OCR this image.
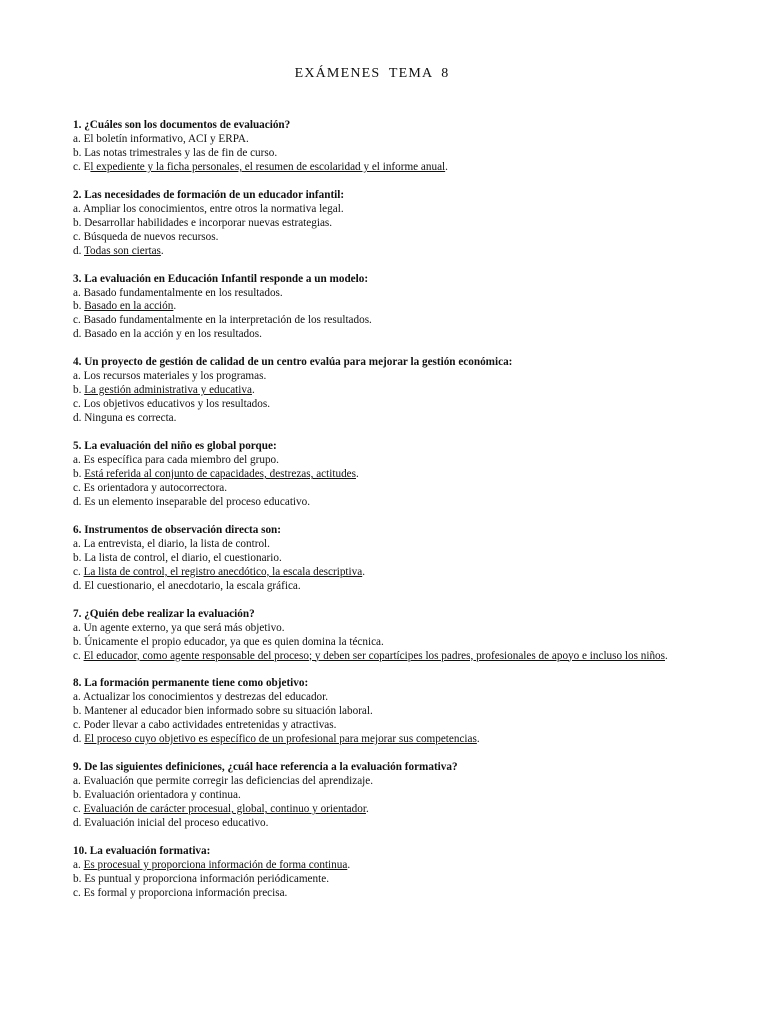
EXÁMENES TEMA 8
1. ¿Cuáles son los documentos de evaluación?
a. El boletín informativo, ACI y ERPA.
b. Las notas trimestrales y las de fin de curso.
c. El expediente y la ficha personales, el resumen de escolaridad y el informe anual.
2. Las necesidades de formación de un educador infantil:
a. Ampliar los conocimientos, entre otros la normativa legal.
b. Desarrollar habilidades e incorporar nuevas estrategias.
c. Búsqueda de nuevos recursos.
d. Todas son ciertas.
3. La evaluación en Educación Infantil responde a un modelo:
a. Basado fundamentalmente en los resultados.
b. Basado en la acción.
c. Basado fundamentalmente en la interpretación de los resultados.
d. Basado en la acción y en los resultados.
4. Un proyecto de gestión de calidad de un centro evalúa para mejorar la gestión económica:
a. Los recursos materiales y los programas.
b. La gestión administrativa y educativa.
c. Los objetivos educativos y los resultados.
d. Ninguna es correcta.
5. La evaluación del niño es global porque:
a. Es específica para cada miembro del grupo.
b. Está referida al conjunto de capacidades, destrezas, actitudes.
c. Es orientadora y autocorrectora.
d. Es un elemento inseparable del proceso educativo.
6. Instrumentos de observación directa son:
a. La entrevista, el diario, la lista de control.
b. La lista de control, el diario, el cuestionario.
c. La lista de control, el registro anecdótico, la escala descriptiva.
d. El cuestionario, el anecdotario, la escala gráfica.
7. ¿Quién debe realizar la evaluación?
a. Un agente externo, ya que será más objetivo.
b. Únicamente el propio educador, ya que es quien domina la técnica.
c. El educador, como agente responsable del proceso; y deben ser copartícipes los padres, profesionales de apoyo e incluso los niños.
8. La formación permanente tiene como objetivo:
a. Actualizar los conocimientos y destrezas del educador.
b. Mantener al educador bien informado sobre su situación laboral.
c. Poder llevar a cabo actividades entretenidas y atractivas.
d. El proceso cuyo objetivo es específico de un profesional para mejorar sus competencias.
9. De las siguientes definiciones, ¿cuál hace referencia a la evaluación formativa?
a. Evaluación que permite corregir las deficiencias del aprendizaje.
b. Evaluación orientadora y continua.
c. Evaluación de carácter procesual, global, continuo y orientador.
d. Evaluación inicial del proceso educativo.
10. La evaluación formativa:
a. Es procesual y proporciona información de forma continua.
b. Es puntual y proporciona información periódicamente.
c. Es formal y proporciona información precisa.
